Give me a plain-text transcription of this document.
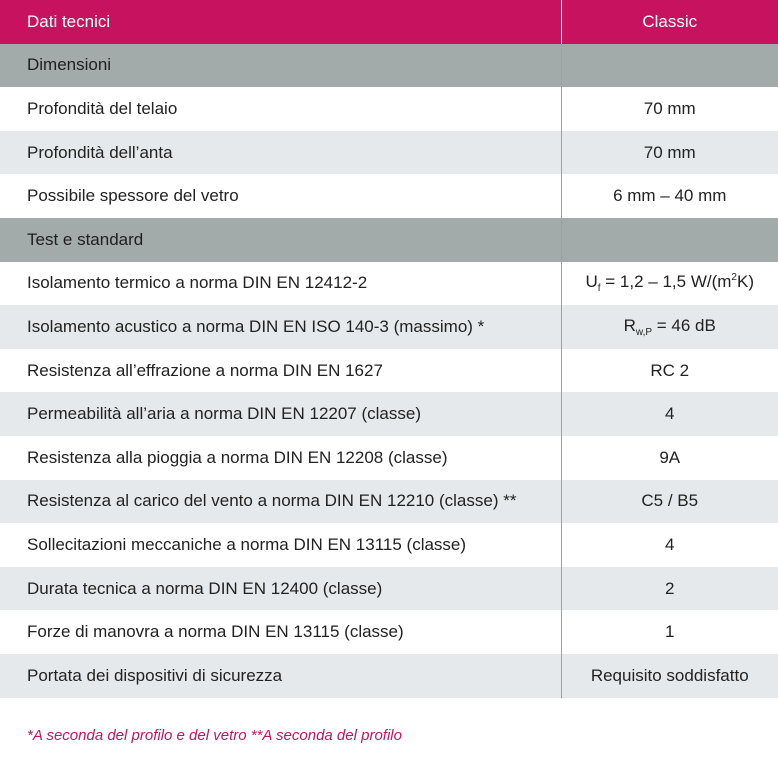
Dati tecnici	Classic
Dimensioni	
Profondità del telaio	70 mm
Profondità dell’anta	70 mm
Possibile spessore del vetro	6 mm – 40 mm
Test e standard	
Isolamento termico a norma DIN EN 12412-2	$U_f = 1,2 - 1,5$ $W/(m^2K)$
Isolamento acustico a norma DIN EN ISO 140-3 (massimo) *	$R_{w,P} = 46$ dB
Resistenza all’effrazione a norma DIN EN 1627	RC 2
Permeabilità all’aria a norma DIN EN 12207 (classe)	4
Resistenza alla pioggia a norma DIN EN 12208 (classe)	9A
Resistenza al carico del vento a norma DIN EN 12210 (classe) **	C5 / B5
Sollecitazioni meccaniche a norma DIN EN 13115 (classe)	4
Durata tecnica a norma DIN EN 12400 (classe)	2
Forze di manovra a norma DIN EN 13115 (classe)	1
Portata dei dispositivi di sicurezza	Requisito soddisfatto
*A seconda del profilo e del vetro **A seconda del profilo
